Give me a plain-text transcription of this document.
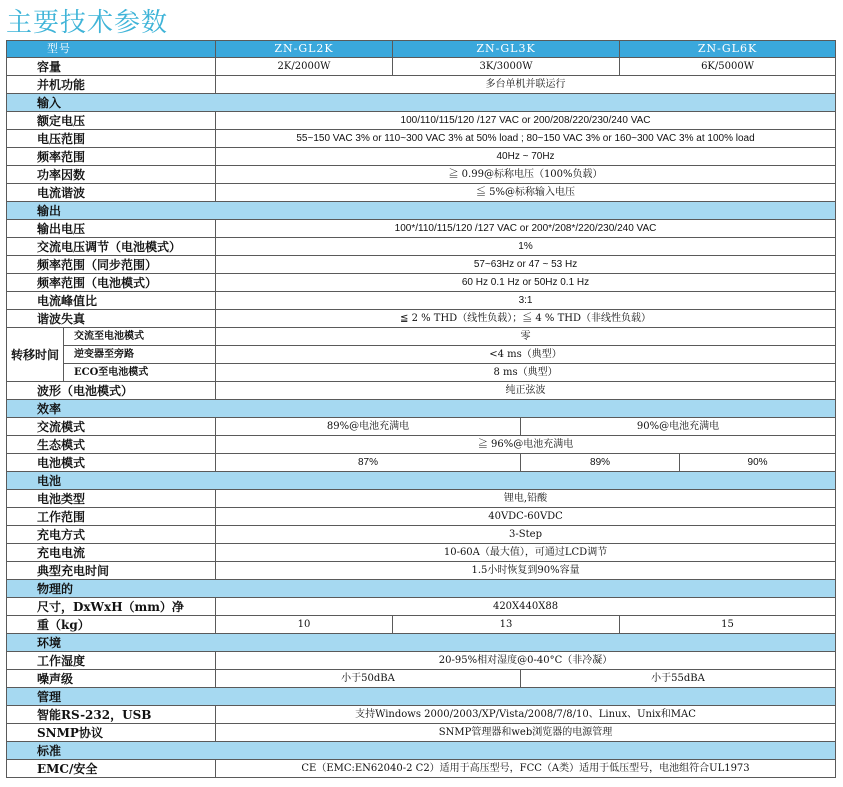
主要技术参数
型号		ZN-GL2K	ZN-GL3K		ZN-GL6K	
容量		2K/2000W	3K/3000W		6K/5000W	
并机功能		多台单机并联运行				
输入						
额定电压		100/110/115/120 /127 VAC or 200/208/220/230/240 VAC				
电压范围		55~150 VAC 3% or 110~300 VAC 3% at 50% load ; 80~150 VAC 3% or 160~300 VAC 3% at 100% load				
频率范围		40Hz ~ 70Hz				
功率因数		≧ 0.99@标称电压（100%负载）				
电流谐波		≦ 5%@标称输入电压				
输出						
输出电压		100*/110/115/120 /127 VAC or 200*/208*/220/230/240 VAC				
交流电压调节（电池模式）		1%				
频率范围（同步范围）		57~63Hz or 47 ~ 53 Hz				
频率范围（电池模式）		60 Hz 0.1 Hz or 50Hz 0.1 Hz				
电流峰值比		3:1				
谐波失真		≦ 2 % THD（线性负载）；≦ 4 % THD（非线性负载）				
转移时间	交流至电池模式	零				
	逆变器至旁路	<4 ms（典型）				
	ECO至电池模式	8 ms（典型）				
波形（电池模式）		纯正弦波				
效率						
交流模式		89%@电池充满电		90%@电池充满电		
生态模式		≧ 96%@电池充满电				
电池模式		87%		89%		90%
电池						
电池类型		锂电,铅酸				
工作范围		40VDC-60VDC				
充电方式		3-Step				
充电电流		10-60A（最大值），可通过LCD调节				
典型充电时间		1.5小时恢复到90%容量				
物理的						
尺寸，DxWxH（mm）净		420X440X88				
重（kg）		10	13		15	
环境						
工作湿度		20-95%相对湿度@0-40°C（非冷凝）				
噪声级		小于50dBA		小于55dBA		
管理						
智能RS-232，USB		支持Windows 2000/2003/XP/Vista/2008/7/8/10、Linux、Unix和MAC				
SNMP协议		SNMP管理器和web浏览器的电源管理				
标准						
EMC/安全		CE（EMC:EN62040-2 C2）适用于高压型号，FCC（A类）适用于低压型号，电池组符合UL1973				
